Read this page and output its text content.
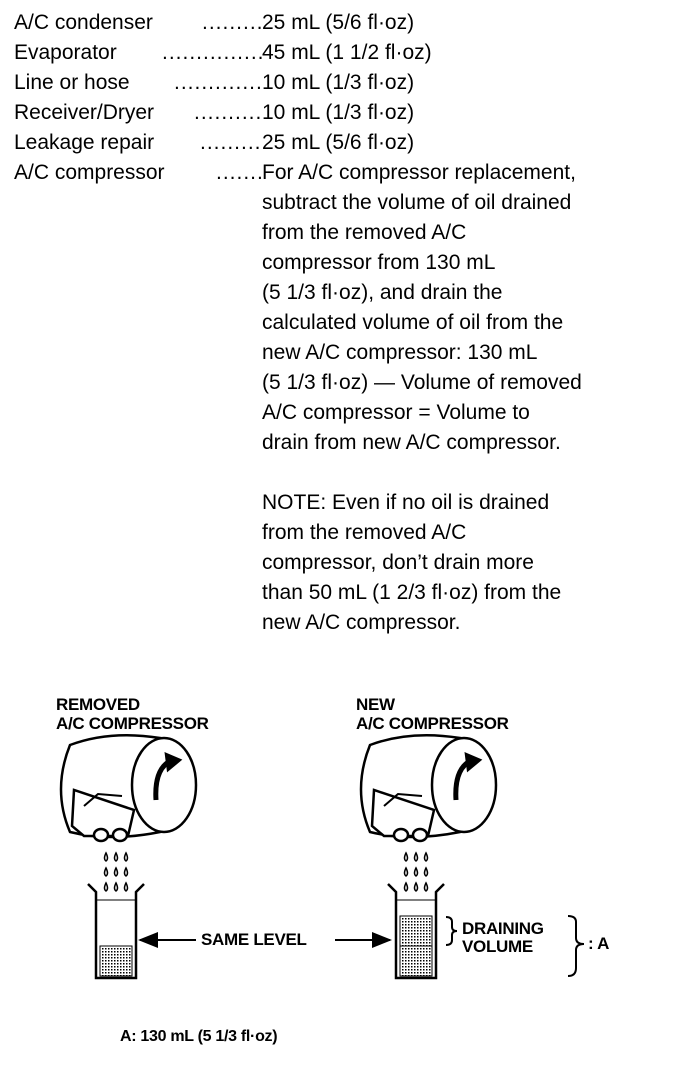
A/C condenser .........
25 mL (5/6 fl·oz)
Evaporator ...............
45 mL (1 1/2 fl·oz)
Line or hose ............. 10 mL (1/3 fl·oz)
Receiver/Dryer .......... 10 mL (1/3 fl·oz)
Leakage repair ......... 25 mL (5/6 fl·oz)
A/C compressor .......
For A/C compressor replacement,
subtract the volume of oil drained
from the removed A/C
compressor from 130 mL
(5 1/3 fl·oz), and drain the
calculated volume of oil from the
new A/C compressor: 130 mL
(5 1/3 fl·oz) — Volume of removed
A/C compressor = Volume to
drain from new A/C compressor.
NOTE: Even if no oil is drained
from the removed A/C
compressor, don’t drain more
than 50 mL (1 2/3 fl·oz) from the
new A/C compressor.
REMOVED
A/C COMPRESSOR
NEW
A/C COMPRESSOR
SAME LEVEL
DRAINING
VOLUME	: A
A: 130 mL (5 1/3 fl·oz)
